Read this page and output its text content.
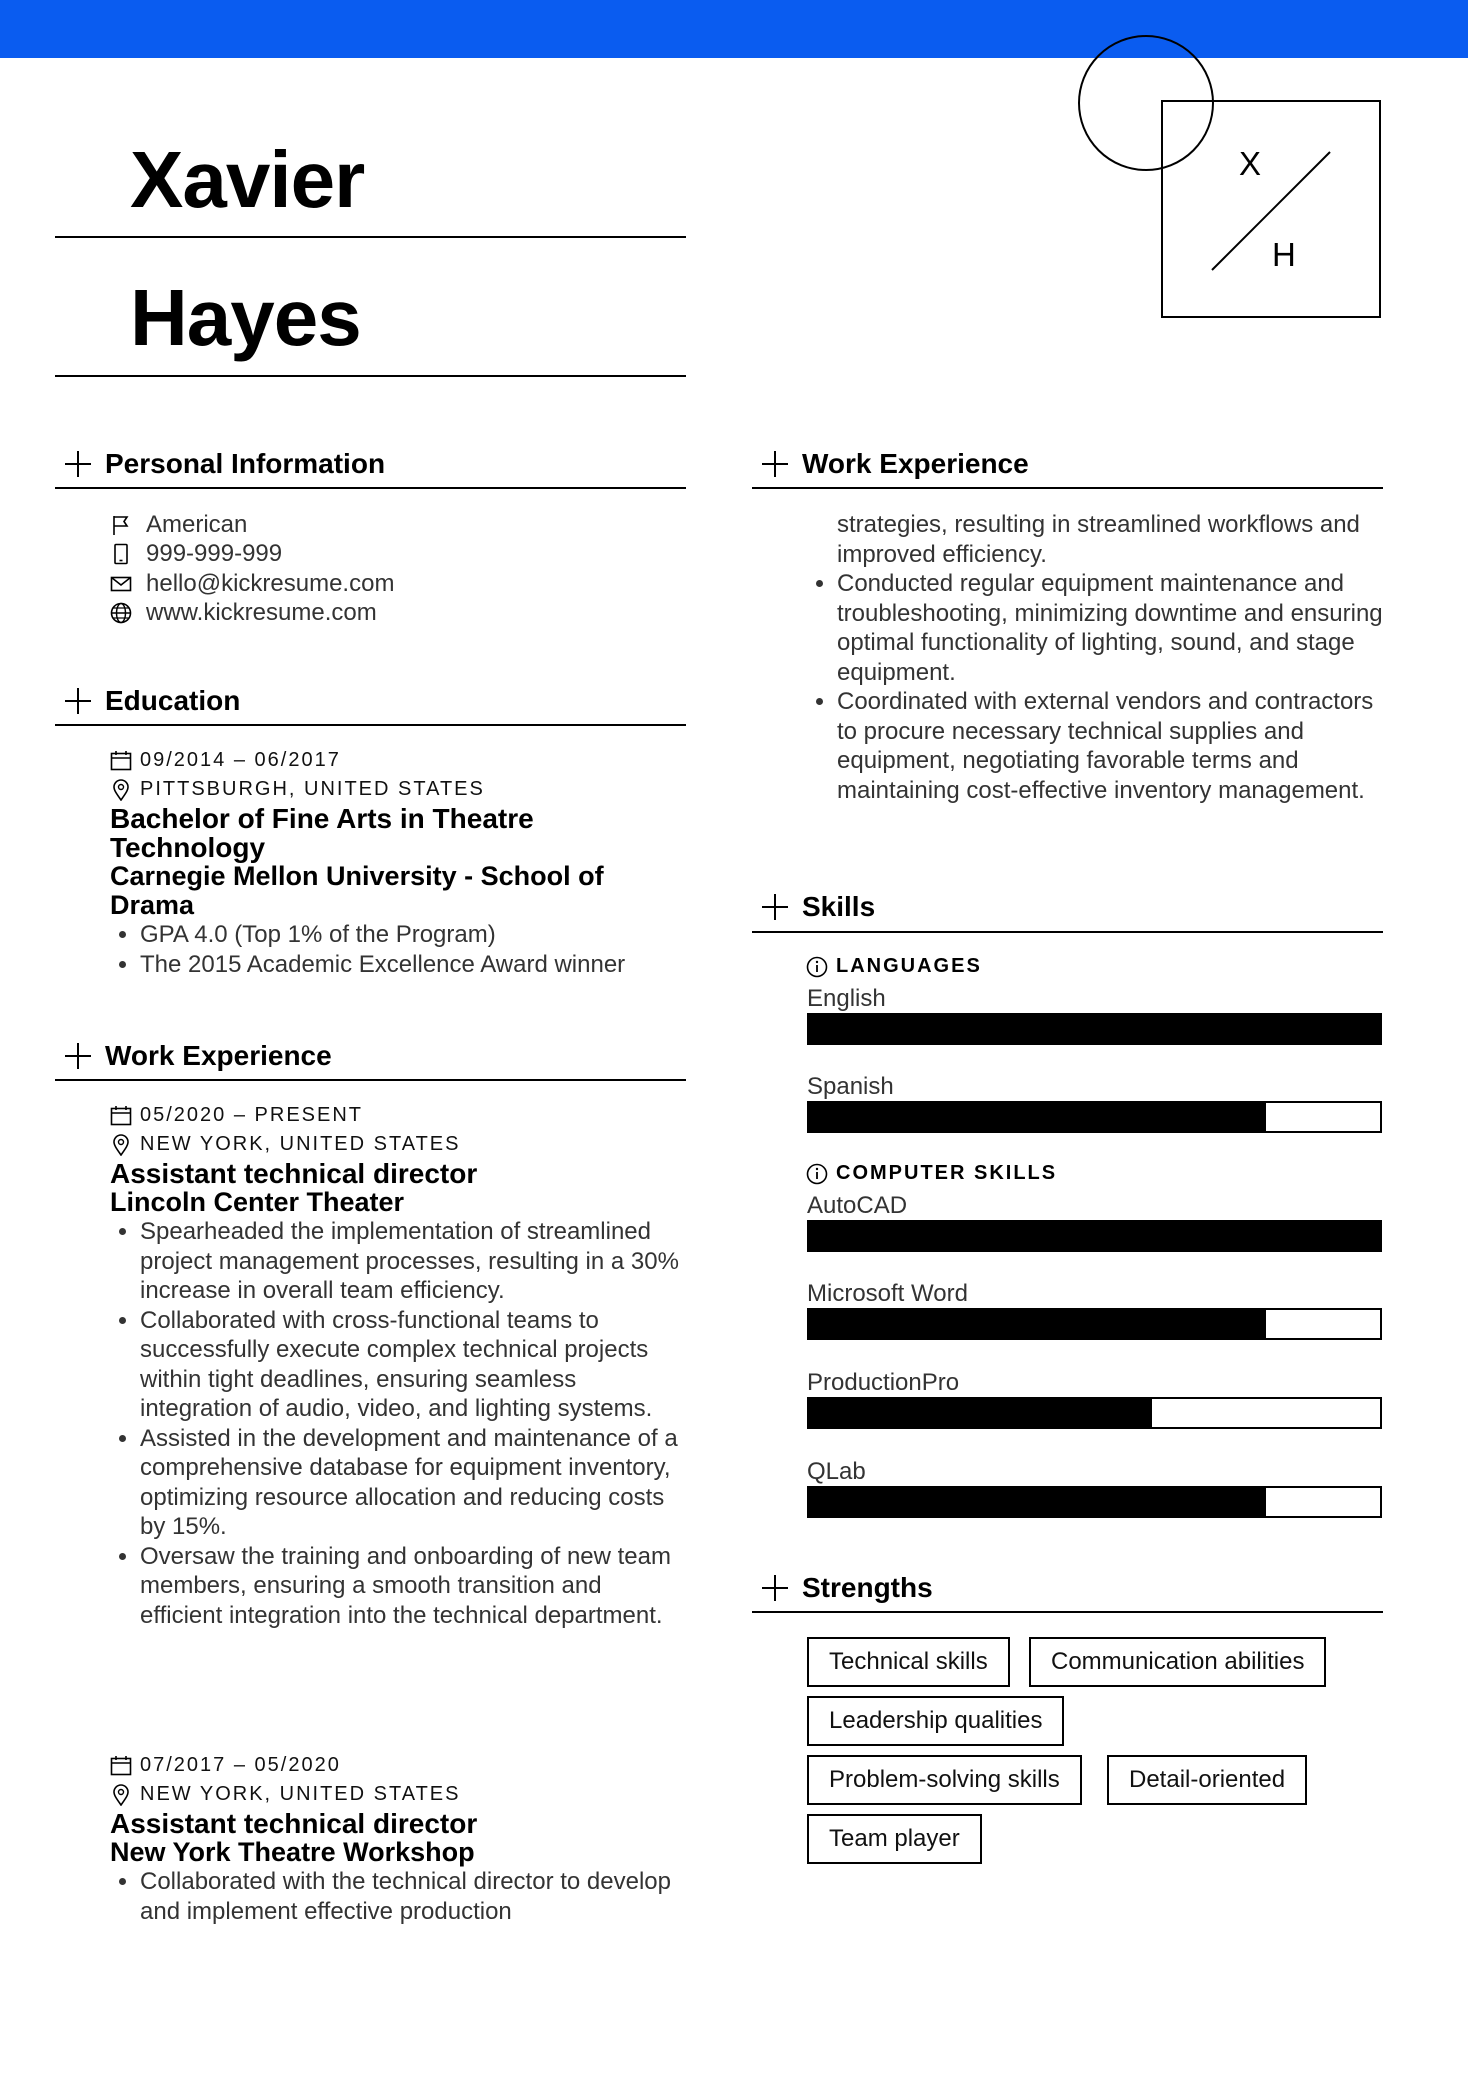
Xavier
Hayes
X
H
Personal Information
American
999-999-999
hello@kickresume.com
www.kickresume.com
Education
09/2014 – 06/2017
PITTSBURGH, UNITED STATES
Bachelor of Fine Arts in Theatre
Technology
Carnegie Mellon University - School of
Drama
• GPA 4.0 (Top 1% of the Program)
• The 2015 Academic Excellence Award winner
Work Experience
05/2020 – PRESENT
NEW YORK, UNITED STATES
Assistant technical director
Lincoln Center Theater
• Spearheaded the implementation of streamlined project management processes, resulting in a 30% increase in overall team efficiency.
• Collaborated with cross-functional teams to successfully execute complex technical projects within tight deadlines, ensuring seamless integration of audio, video, and lighting systems.
• Assisted in the development and maintenance of a comprehensive database for equipment inventory, optimizing resource allocation and reducing costs by 15%.
• Oversaw the training and onboarding of new team members, ensuring a smooth transition and efficient integration into the technical department.
07/2017 – 05/2020
NEW YORK, UNITED STATES
Assistant technical director
New York Theatre Workshop
• Collaborated with the technical director to develop and implement effective production
Work Experience
strategies, resulting in streamlined workflows and improved efficiency.
• Conducted regular equipment maintenance and troubleshooting, minimizing downtime and ensuring optimal functionality of lighting, sound, and stage equipment.
• Coordinated with external vendors and contractors to procure necessary technical supplies and equipment, negotiating favorable terms and maintaining cost-effective inventory management.
Skills
LANGUAGES
English
Spanish
COMPUTER SKILLS
AutoCAD
Microsoft Word
ProductionPro
QLab
Strengths
Technical skills	Communication abilities
Leadership qualities
Problem-solving skills	Detail-oriented
Team player
